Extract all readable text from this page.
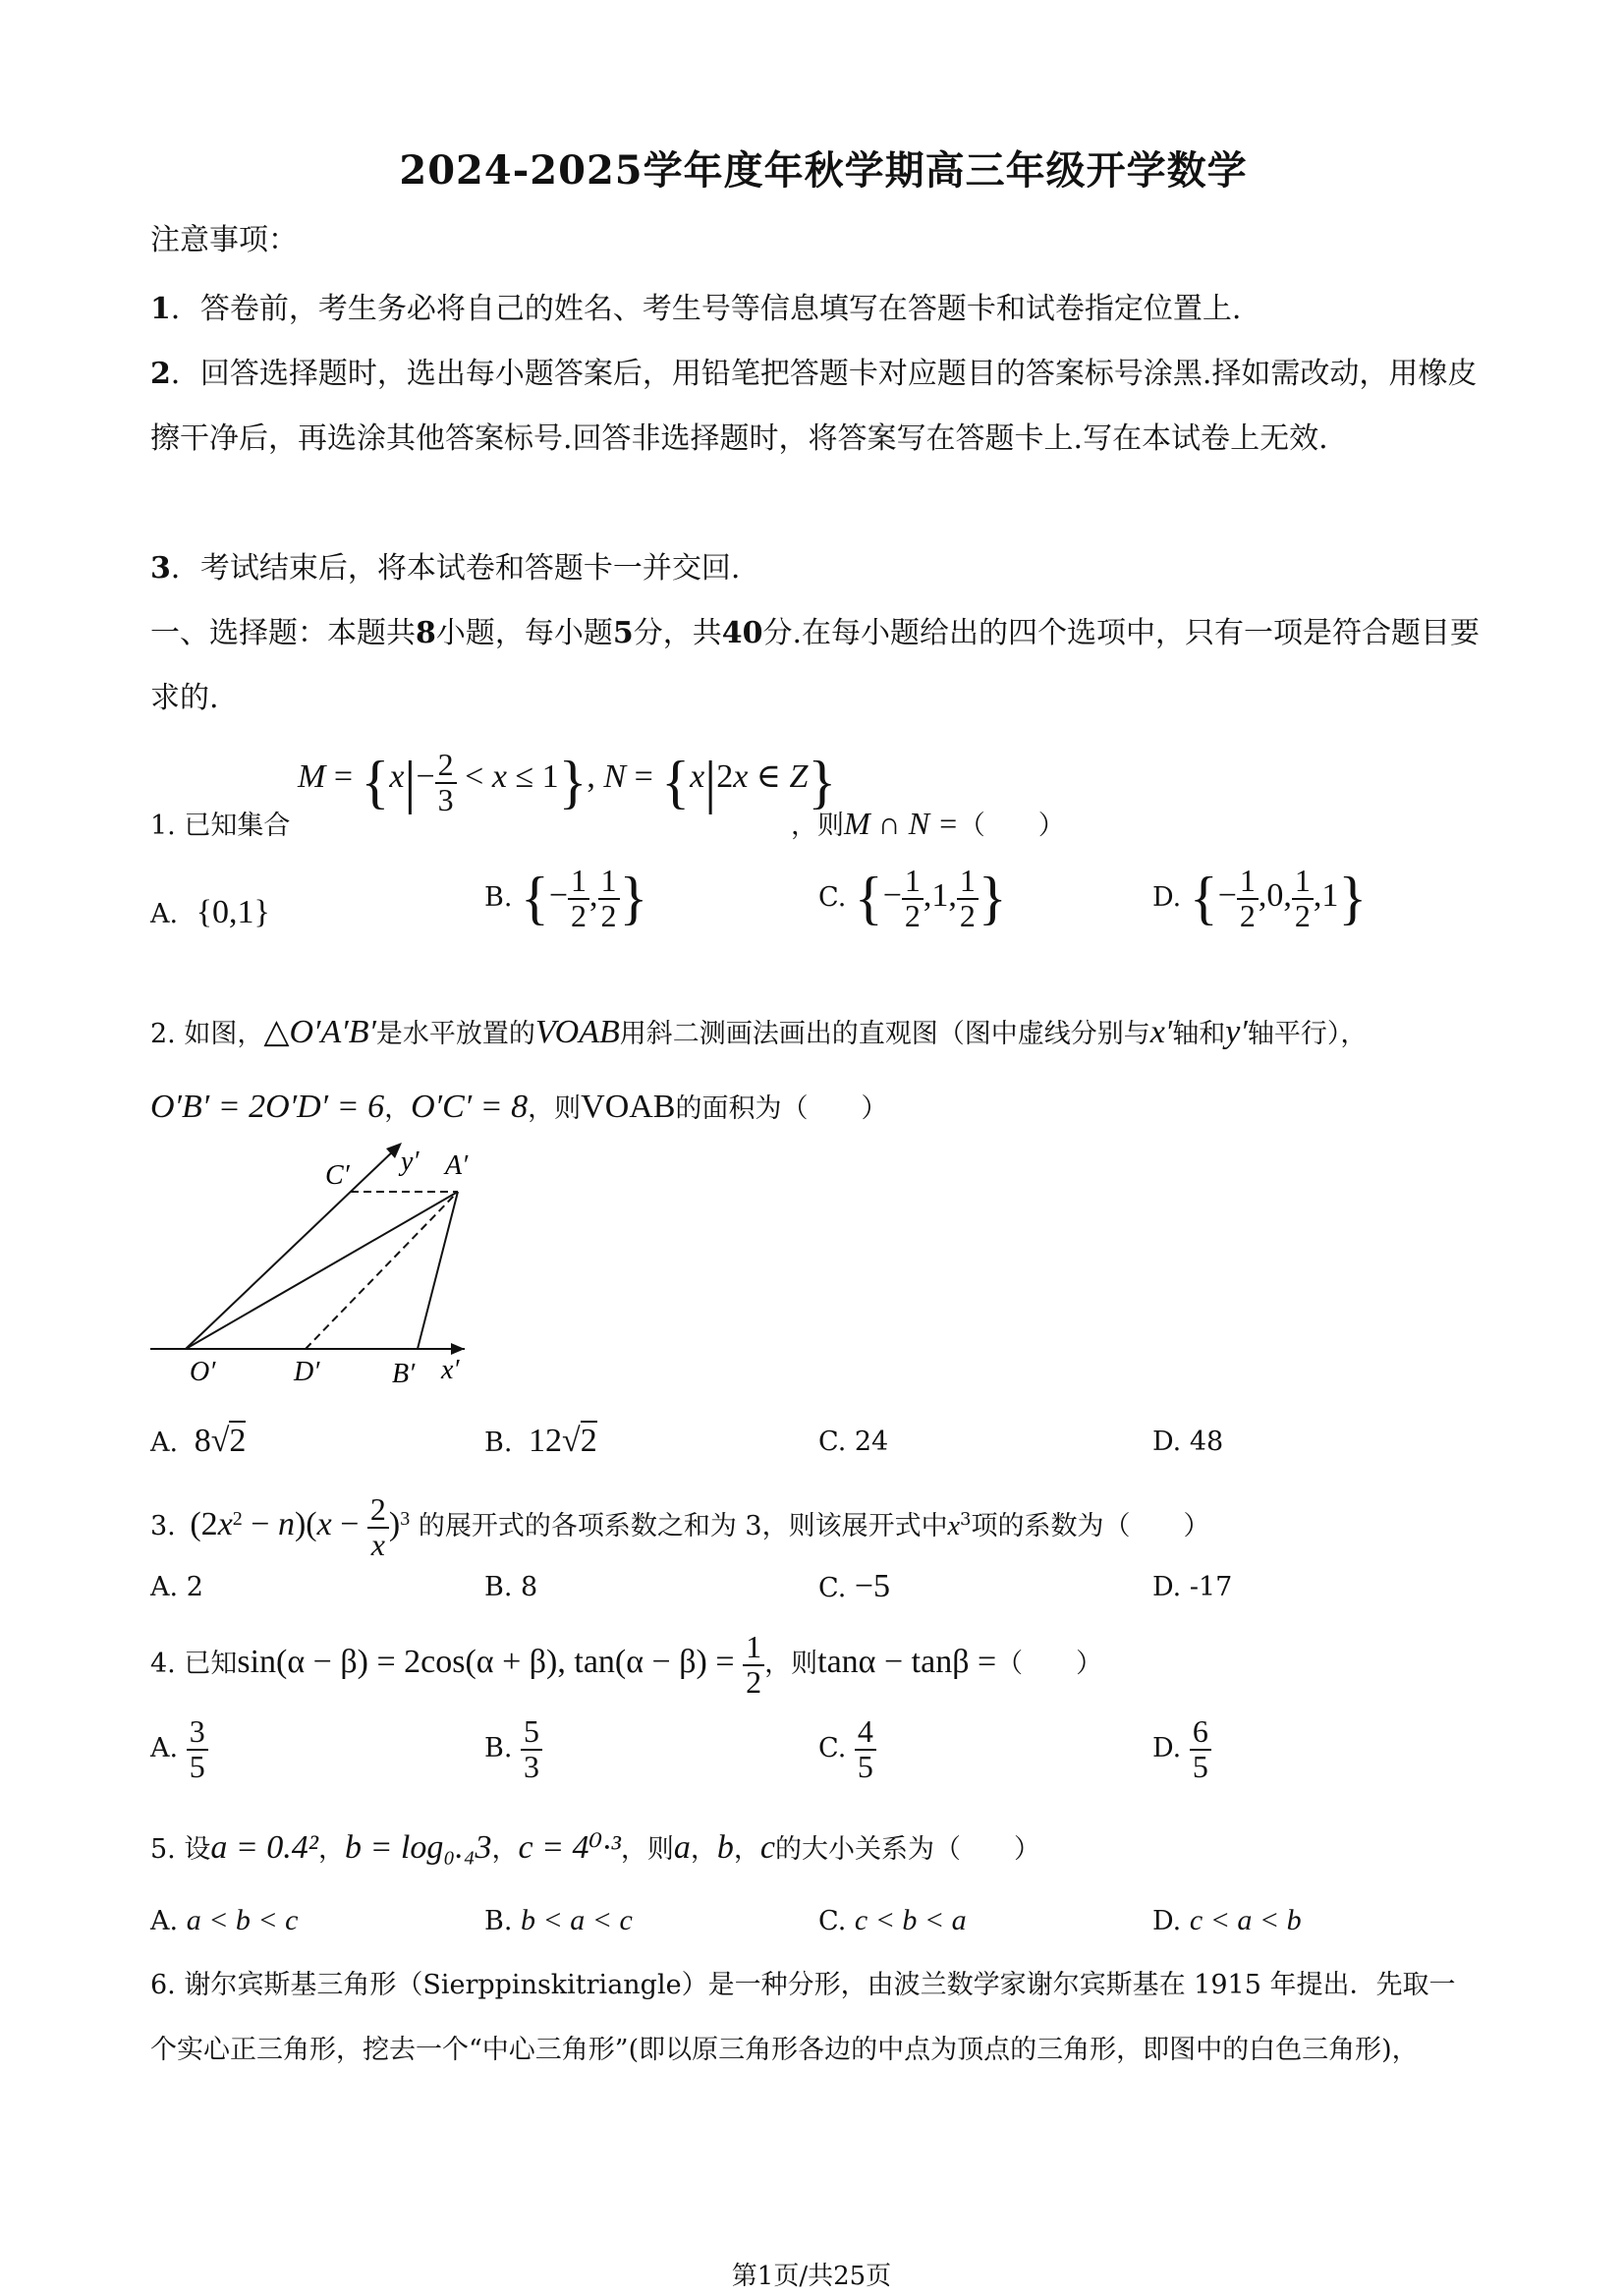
2024-2025学年度年秋学期高三年级开学数学
注意事项：
1．答卷前，考生务必将自己的姓名、考生号等信息填写在答题卡和试卷指定位置上.
2．回答选择题时，选出每小题答案后，用铅笔把答题卡对应题目的答案标号涂黑.择如需改动，用橡皮擦干净后，再选涂其他答案标号.回答非选择题时，将答案写在答题卡上.写在本试卷上无效.
3．考试结束后，将本试卷和答题卡一并交回.
一、选择题：本题共8小题，每小题5分，共40分.在每小题给出的四个选项中，只有一项是符合题目要求的.
1. 已知集合
$M = \{x|- \frac{2}{3} < x \le 1\}$, N = {x|2x ∈ Z}
，则M ∩ N =（　　）
A. {0,1}	B. {− $\frac{1}{2}$ , $\frac{1}{2}$ }	C. {− $\frac{1}{2} ,1$, $\frac{1}{2}$ }	D. {− $\frac{1}{2} ,0$, $\frac{1}{2} ,1$}
2. 如图，△O′A′B′是水平放置的VOAB用斜二测画法画出的直观图（图中虚线分别与x′轴和y′轴平行），
O′B′ = 2O′D′ = 6，O′C′ = 8，则VOAB的面积为（　　）
C′ y′ A′
O′	D′	B′ x′
A. 8√2	B. 12√2	C. 24	D. 48
3. $(2x^2 - n)(x - \frac{2}{x} )^3$ 的展开式的各项系数之和为 3，则该展开式中$x^3$项的系数为（　　）
A. 2	B. 8	C. −5	D. -17
4. 已知sin(α − β) = 2cos(α + β), $\tan(\alpha - \beta) = \frac{1}{2}$ ，则tanα − tanβ =（　　）
A. $\frac{3}{5}$	B. $\frac{5}{3}$	C. $\frac{4}{5}$	D. $\frac{6}{5}$
5. 设a = 0.4²，b = log₀.₄3，c = 4⁰·³，则a，b，c的大小关系为（　　）
A. a < b < c	B. b < a < c	C. c < b < a	D. c < a < b
6. 谢尔宾斯基三角形（Sierppinskitriangle）是一种分形，由波兰数学家谢尔宾斯基在 1915 年提出．先取一
个实心正三角形，挖去一个“中心三角形”(即以原三角形各边的中点为顶点的三角形，即图中的白色三角形)，
第1页/共25页
